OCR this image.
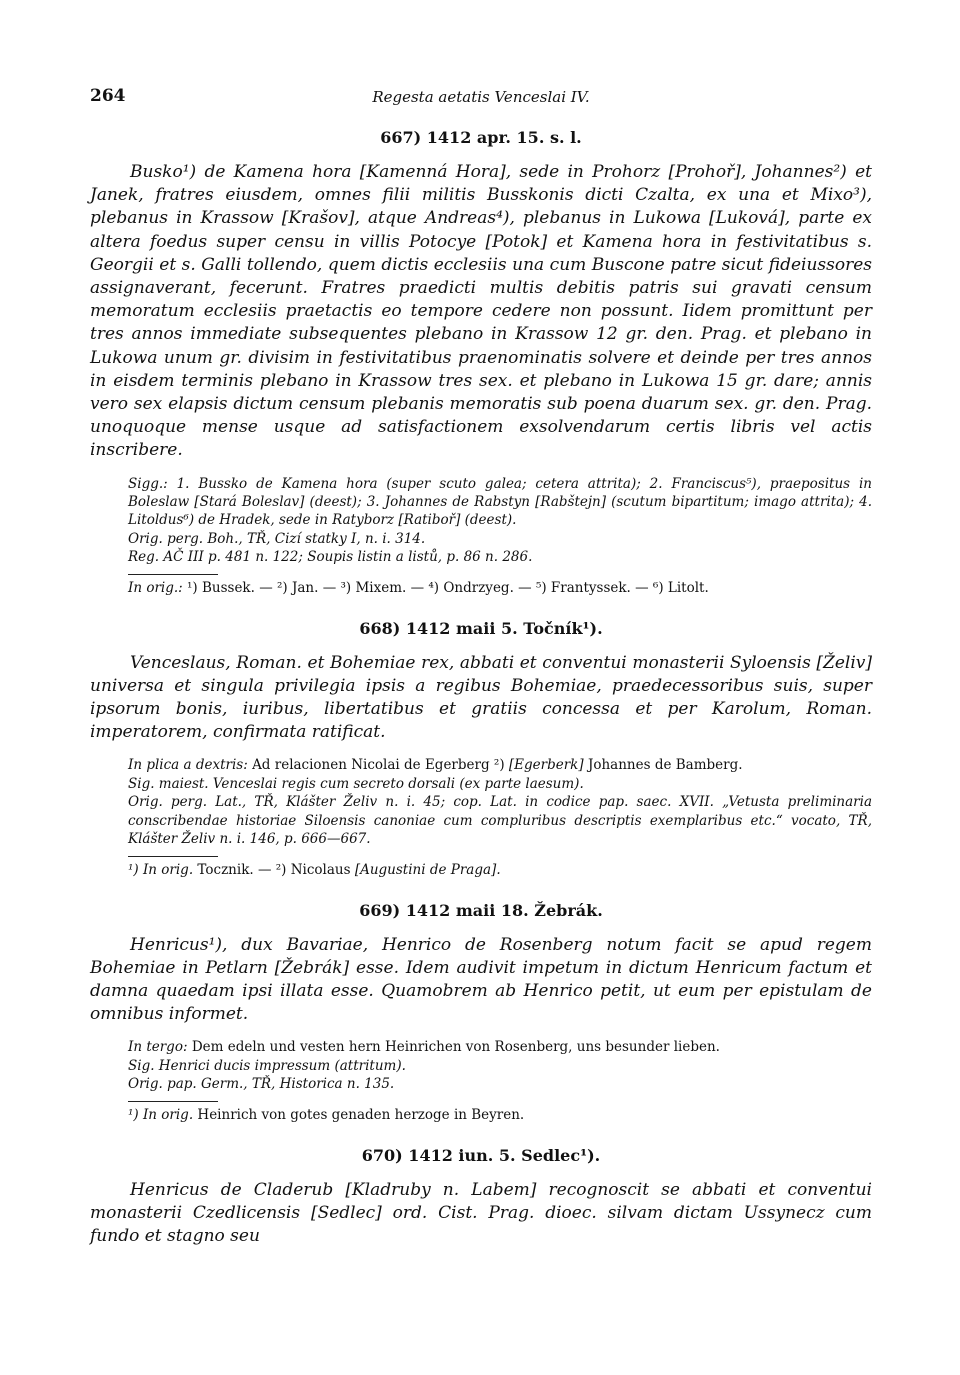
264	Regesta aetatis Venceslai IV.
667) 1412 apr. 15. s. l.

Busko¹) de Kamena hora [Kamenná Hora], sede in Prohorz [Prohoř], Johannes²) et Janek, fratres eiusdem, omnes filii militis Busskonis dicti Czalta, ex una et Mixo³), plebanus in Krassow [Krašov], atque Andreas⁴), plebanus in Lukowa [Luková], parte ex altera foedus super censu in villis Potocye [Potok] et Kamena hora in festivitatibus s. Georgii et s. Galli tollendo, quem dictis ecclesiis una cum Buscone patre sicut fideiussores assignaverant, fecerunt. Fratres praedicti multis debitis patris sui gravati censum memoratum ecclesiis praetactis eo tempore cedere non possunt. Iidem promittunt per tres annos immediate subsequentes plebano in Krassow 12 gr. den. Prag. et plebano in Lukowa unum gr. divisim in festivitatibus praenominatis solvere et deinde per tres annos in eisdem terminis plebano in Krassow tres sex. et plebano in Lukowa 15 gr. dare; annis vero sex elapsis dictum censum plebanis memoratis sub poena duarum sex. gr. den. Prag. unoquoque mense usque ad satisfactionem exsolvendarum certis libris vel actis inscribere.

Sigg.: 1. Bussko de Kamena hora (super scuto galea; cetera attrita); 2. Franciscus⁵), praepositus in Boleslaw [Stará Boleslav] (deest); 3. Johannes de Rabstyn [Rabštejn] (scutum bipartitum; imago attrita); 4. Litoldus⁶) de Hradek, sede in Ratyborz [Ratiboř] (deest).

Orig. perg. Boh., TŘ, Cizí statky I, n. i. 314.

Reg. AČ III p. 481 n. 122; Soupis listin a listů, p. 86 n. 286.

In orig.: ¹) Bussek. — ²) Jan. — ³) Mixem. — ⁴) Ondrzyeg. — ⁵) Frantyssek. — ⁶) Litolt.
668) 1412 maii 5. Točník¹).

Venceslaus, Roman. et Bohemiae rex, abbati et conventui monasterii Syloensis [Želiv] universa et singula privilegia ipsis a regibus Bohemiae, praedecessoribus suis, super ipsorum bonis, iuribus, libertatibus et gratiis concessa et per Karolum, Roman. imperatorem, confirmata ratificat.

In plica a dextris: Ad relacionen Nicolai de Egerberg ²) [Egerberk] Johannes de Bamberg.

Sig. maiest. Venceslai regis cum secreto dorsali (ex parte laesum).

Orig. perg. Lat., TŘ, Klášter Želiv n. i. 45; cop. Lat. in codice pap. saec. XVII. „Vetusta preliminaria conscribendae historiae Siloensis canoniae cum compluribus descriptis exemplaribus etc.“ vocato, TŘ, Klášter Želiv n. i. 146, p. 666—667.

¹) In orig. Tocznik. — ²) Nicolaus [Augustini de Praga].
669) 1412 maii 18. Žebrák.

Henricus¹), dux Bavariae, Henrico de Rosenberg notum facit se apud regem Bohemiae in Petlarn [Žebrák] esse. Idem audivit impetum in dictum Henricum factum et damna quaedam ipsi illata esse. Quamobrem ab Henrico petit, ut eum per epistulam de omnibus informet.

In tergo: Dem edeln und vesten hern Heinrichen von Rosenberg, uns besunder lieben.

Sig. Henrici ducis impressum (attritum).

Orig. pap. Germ., TŘ, Historica n. 135.

¹) In orig. Heinrich von gotes genaden herzoge in Beyren.
670) 1412 iun. 5. Sedlec¹).

Henricus de Claderub [Kladruby n. Labem] recognoscit se abbati et conventui monasterii Czedlicensis [Sedlec] ord. Cist. Prag. dioec. silvam dictam Ussynecz cum fundo et stagno seu
